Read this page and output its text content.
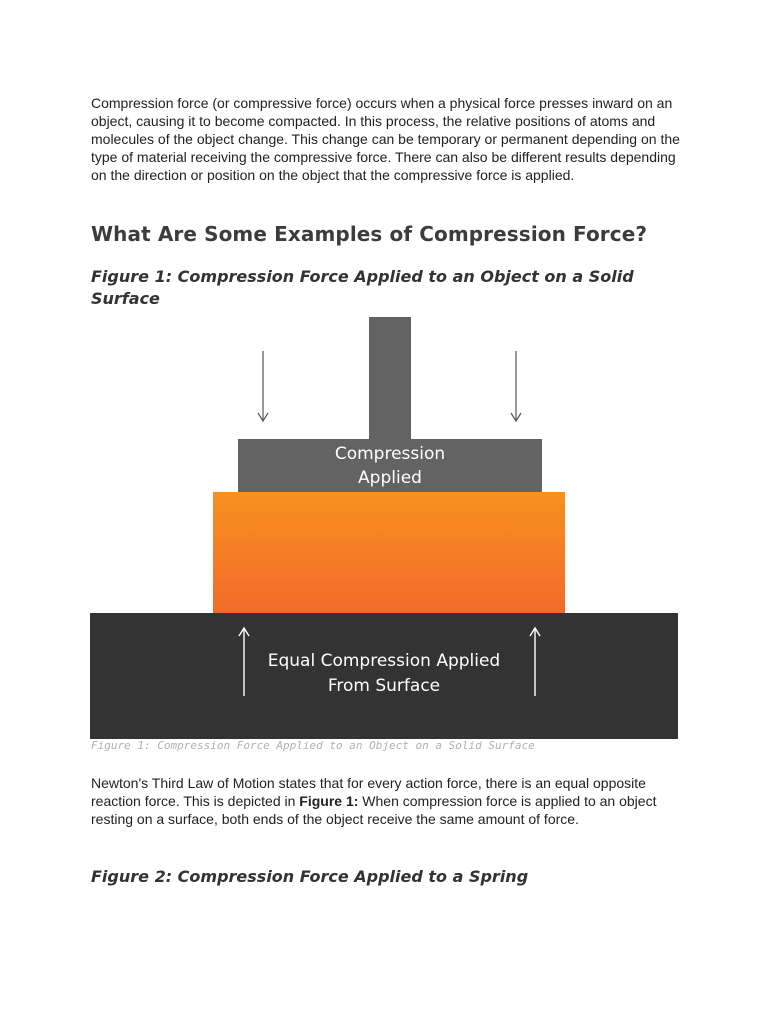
Compression force (or compressive force) occurs when a physical force presses inward on an object, causing it to become compacted. In this process, the relative positions of atoms and molecules of the object change. This change can be temporary or permanent depending on the type of material receiving the compressive force. There can also be different results depending on the direction or position on the object that the compressive force is applied.

What Are Some Examples of Compression Force?
Figure 1: Compression Force Applied to an Object on a Solid Surface
Compression
Applied
Equal Compression Applied
From Surface

Figure 1: Compression Force Applied to an Object on a Solid Surface

Newton's Third Law of Motion states that for every action force, there is an equal opposite reaction force. This is depicted in Figure 1: When compression force is applied to an object resting on a surface, both ends of the object receive the same amount of force.

Figure 2: Compression Force Applied to a Spring
